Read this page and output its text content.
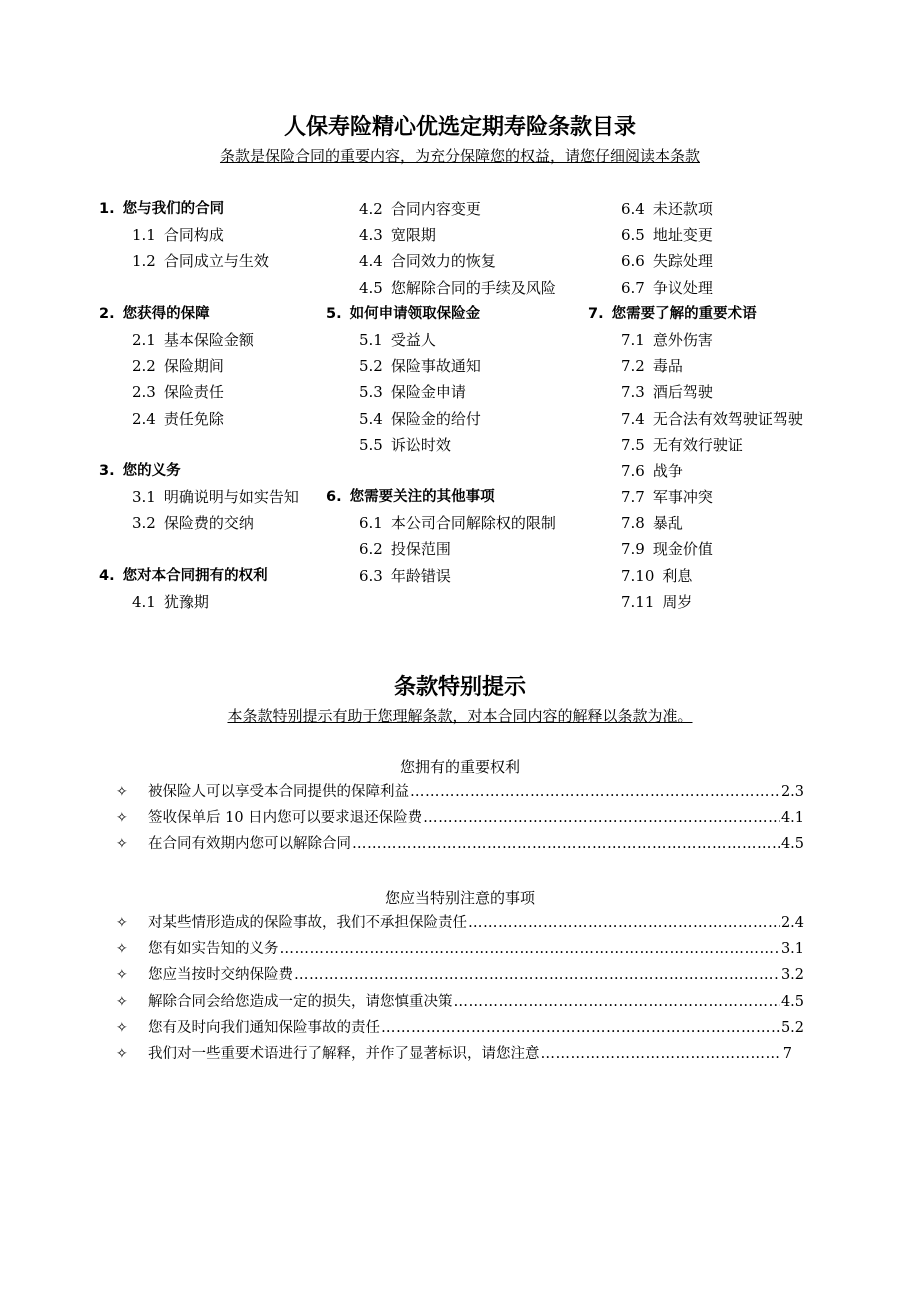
人保寿险精心优选定期寿险条款目录
条款是保险合同的重要内容，为充分保障您的权益，请您仔细阅读本条款
1. 您与我们的合同
1.1 合同构成
1.2 合同成立与生效
2. 您获得的保障
2.1 基本保险金额
2.2 保险期间
2.3 保险责任
2.4 责任免除
3. 您的义务
3.1 明确说明与如实告知
3.2 保险费的交纳
4. 您对本合同拥有的权利
4.1 犹豫期
4.2 合同内容变更
4.3 宽限期
4.4 合同效力的恢复
4.5 您解除合同的手续及风险
5. 如何申请领取保险金
5.1 受益人
5.2 保险事故通知
5.3 保险金申请
5.4 保险金的给付
5.5 诉讼时效
6. 您需要关注的其他事项
6.1 本公司合同解除权的限制
6.2 投保范围
6.3 年龄错误
6.4 未还款项
6.5 地址变更
6.6 失踪处理
6.7 争议处理
7. 您需要了解的重要术语
7.1 意外伤害
7.2 毒品
7.3 酒后驾驶
7.4 无合法有效驾驶证驾驶
7.5 无有效行驶证
7.6 战争
7.7 军事冲突
7.8 暴乱
7.9 现金价值
7.10 利息
7.11 周岁
条款特别提示
本条款特别提示有助于您理解条款，对本合同内容的解释以条款为准。
您拥有的重要权利
✧	被保险人可以享受本合同提供的保障利益 ………………………………………………………………………………………………………………………………………………………………………………………………………………………………………………………………	2.3
✧	签收保单后 10 日内您可以要求退还保险费 ………………………………………………………………………………………………………………………………………………………………………………………………………………………………………………………………	4.1
✧	在合同有效期内您可以解除合同 ………………………………………………………………………………………………………………………………………………………………………………………………………………………………………………………………	4.5
您应当特别注意的事项
✧	对某些情形造成的保险事故，我们不承担保险责任 ………………………………………………………………………………………………………………………………………………………………………………………………………………………………………………………………	2.4
✧	您有如实告知的义务 ………………………………………………………………………………………………………………………………………………………………………………………………………………………………………………………………	3.1
✧	您应当按时交纳保险费 ………………………………………………………………………………………………………………………………………………………………………………………………………………………………………………………………	3.2
✧	解除合同会给您造成一定的损失，请您慎重决策 ………………………………………………………………………………………………………………………………………………………………………………………………………………………………………………………………	4.5
✧	您有及时向我们通知保险事故的责任 ………………………………………………………………………………………………………………………………………………………………………………………………………………………………………………………………	5.2
✧	我们对一些重要术语进行了解释，并作了显著标识，请您注意 ………………………………………………………………………………………………………………………………………………………………………………………………………………………………………………………………	7
